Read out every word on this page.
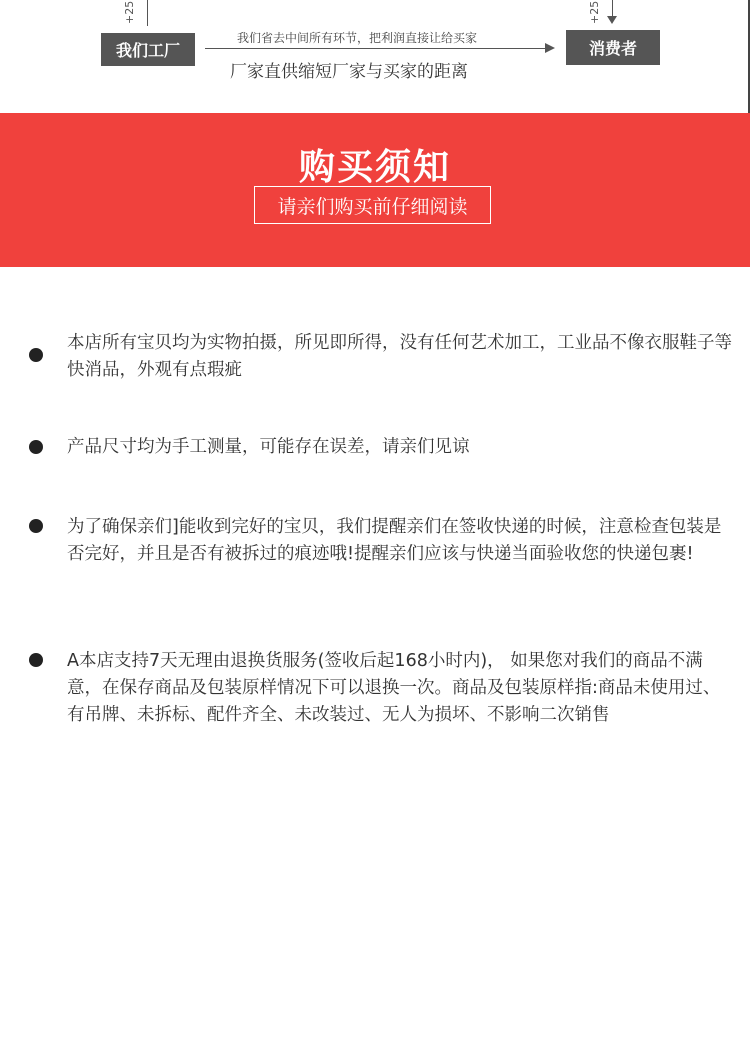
+25
我们工厂
我们省去中间所有环节，把利润直接让给买家
厂家直供缩短厂家与买家的距离
+25
消费者
购买须知
请亲们购买前仔细阅读
本店所有宝贝均为实物拍摄，所见即所得，没有任何艺术加工，工业品不像衣服鞋子等快消品，外观有点瑕疵
产品尺寸均为手工测量，可能存在误差，请亲们见谅
为了确保亲们]能收到完好的宝贝，我们提醒亲们在签收快递的时候，注意检查包装是否完好，并且是否有被拆过的痕迹哦!提醒亲们应该与快递当面验收您的快递包裹!
A本店支持7天无理由退换货服务(签收后起168小时内)， 如果您对我们的商品不满意，在保存商品及包装原样情况下可以退换一次。商品及包装原样指:商品未使用过、有吊牌、未拆标、配件齐全、未改装过、无人为损坏、不影响二次销售
